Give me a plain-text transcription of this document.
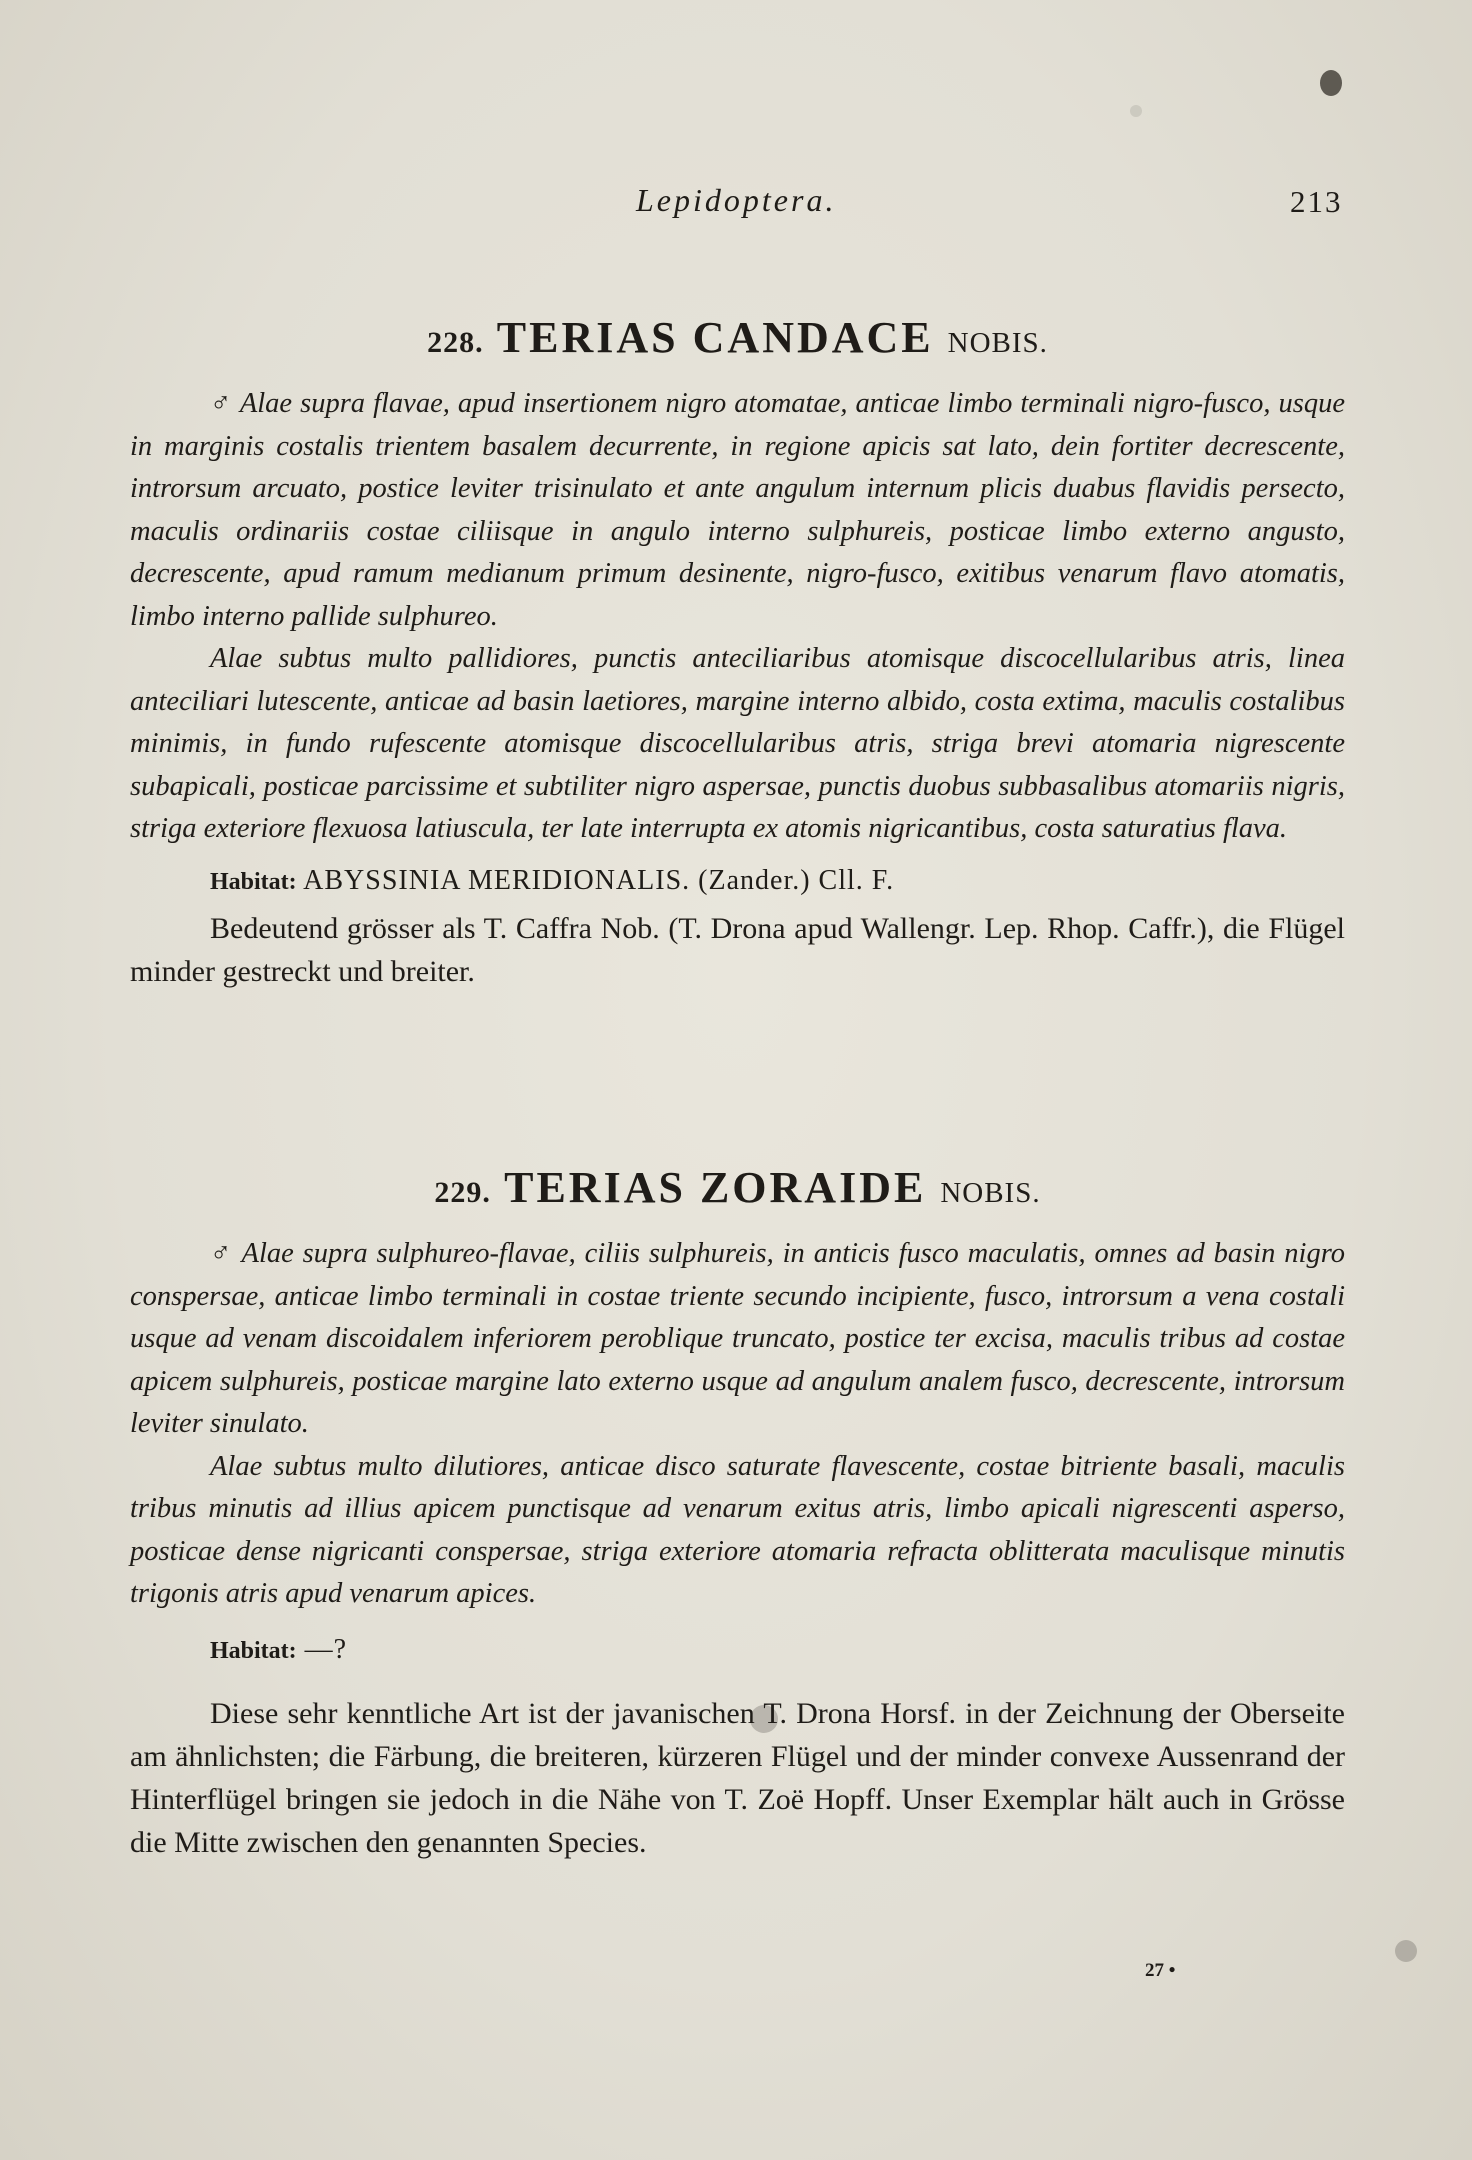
Lepidoptera.	213
228. TERIAS CANDACE NOBIS.

♂ Alae supra flavae, apud insertionem nigro atomatae, anticae limbo terminali nigro-fusco, usque in marginis costalis trientem basalem decurrente, in regione apicis sat lato, dein fortiter decrescente, introrsum arcuato, postice leviter trisinulato et ante angulum internum plicis duabus flavidis persecto, maculis ordinariis costae ciliisque in angulo interno sulphureis, posticae limbo externo angusto, decrescente, apud ramum medianum primum desinente, nigro-fusco, exitibus venarum flavo atomatis, limbo interno pallide sulphureo.

Alae subtus multo pallidiores, punctis anteciliaribus atomisque discocellularibus atris, linea anteciliari lutescente, anticae ad basin laetiores, margine interno albido, costa extima, maculis costalibus minimis, in fundo rufescente atomisque discocellularibus atris, striga brevi atomaria nigrescente subapicali, posticae parcissime et subtiliter nigro aspersae, punctis duobus subbasalibus atomariis nigris, striga exteriore flexuosa latiuscula, ter late interrupta ex atomis nigricantibus, costa saturatius flava.

Habitat: ABYSSINIA MERIDIONALIS. (Zander.) Cll. F.

Bedeutend grösser als T. Caffra Nob. (T. Drona apud Wallengr. Lep. Rhop. Caffr.), die Flügel minder gestreckt und breiter.

229. TERIAS ZORAIDE NOBIS.

♂ Alae supra sulphureo-flavae, ciliis sulphureis, in anticis fusco maculatis, omnes ad basin nigro conspersae, anticae limbo terminali in costae triente secundo incipiente, fusco, introrsum a vena costali usque ad venam discoidalem inferiorem peroblique truncato, postice ter excisa, maculis tribus ad costae apicem sulphureis, posticae margine lato externo usque ad angulum analem fusco, decrescente, introrsum leviter sinulato.

Alae subtus multo dilutiores, anticae disco saturate flavescente, costae bitriente basali, maculis tribus minutis ad illius apicem punctisque ad venarum exitus atris, limbo apicali nigrescenti asperso, posticae dense nigricanti conspersae, striga exteriore atomaria refracta oblitterata maculisque minutis trigonis atris apud venarum apices.

Habitat: —?

Diese sehr kenntliche Art ist der javanischen T. Drona Horsf. in der Zeichnung der Oberseite am ähnlichsten; die Färbung, die breiteren, kürzeren Flügel und der minder convexe Aussenrand der Hinterflügel bringen sie jedoch in die Nähe von T. Zoë Hopff. Unser Exemplar hält auch in Grösse die Mitte zwischen den genannten Species.

27 •
